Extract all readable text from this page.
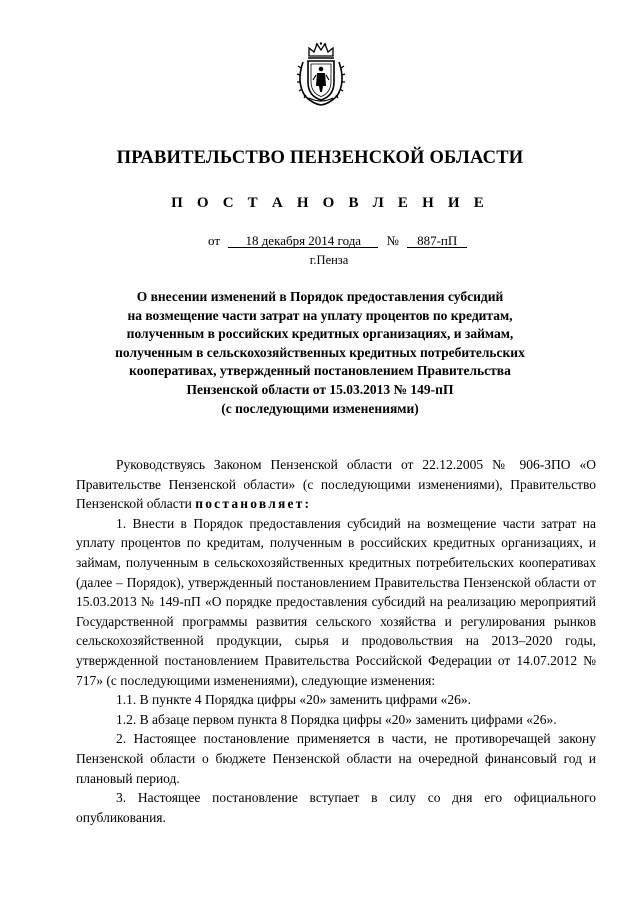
ПРАВИТЕЛЬСТВО ПЕНЗЕНСКОЙ ОБЛАСТИ
П О С Т А Н О В Л Е Н И Е
от 18 декабря 2014 года № 887-пП
г.Пенза
О внесении изменений в Порядок предоставления субсидий
на возмещение части затрат на уплату процентов по кредитам,
полученным в российских кредитных организациях, и займам,
полученным в сельскохозяйственных кредитных потребительских
кооперативах, утвержденный постановлением Правительства
Пензенской области от 15.03.2013 № 149-пП
(с последующими изменениями)

Руководствуясь Законом Пензенской области от 22.12.2005 № 906-ЗПО «О Правительстве Пензенской области» (с последующими изменениями), Правительство Пензенской области постановляет:

1. Внести в Порядок предоставления субсидий на возмещение части затрат на уплату процентов по кредитам, полученным в российских кредитных организациях, и займам, полученным в сельскохозяйственных кредитных потребительских кооперативах (далее – Порядок), утвержденный постановлением Правительства Пензенской области от 15.03.2013 № 149-пП «О порядке предоставления субсидий на реализацию мероприятий Государственной программы развития сельского хозяйства и регулирования рынков сельскохозяйственной продукции, сырья и продовольствия на 2013–2020 годы, утвержденной постановлением Правительства Российской Федерации от 14.07.2012 № 717» (с последующими изменениями), следующие изменения:

1.1. В пункте 4 Порядка цифры «20» заменить цифрами «26».

1.2. В абзаце первом пункта 8 Порядка цифры «20» заменить цифрами «26».

2. Настоящее постановление применяется в части, не противоречащей закону Пензенской области о бюджете Пензенской области на очередной финансовый год и плановый период.

3. Настоящее постановление вступает в силу со дня его официального опубликования.
